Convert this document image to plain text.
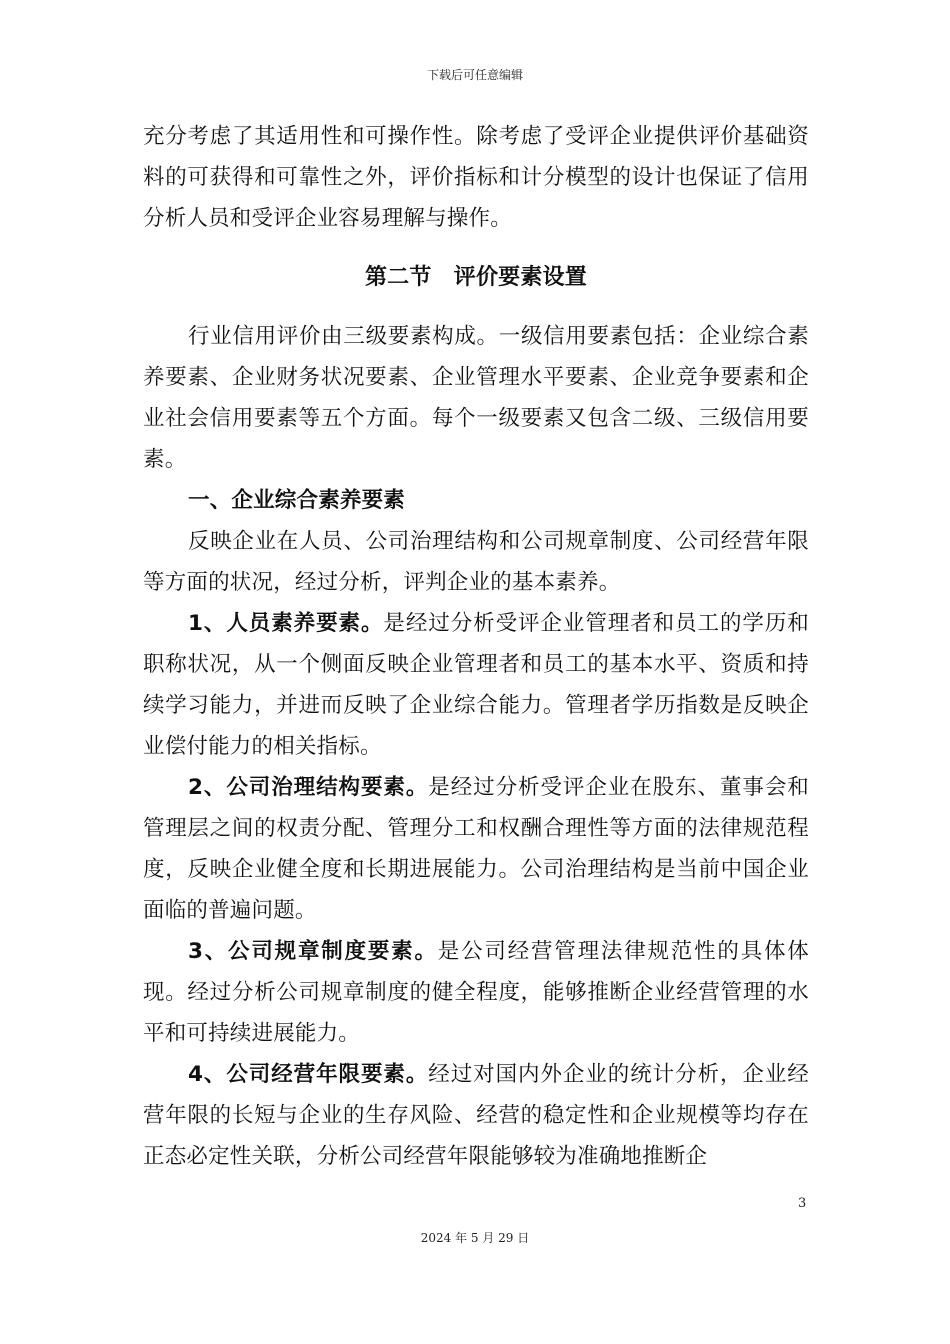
下载后可任意编辑

充分考虑了其适用性和可操作性。除考虑了受评企业提供评价基础资料的可获得和可靠性之外，评价指标和计分模型的设计也保证了信用分析人员和受评企业容易理解与操作。

第二节　评价要素设置

行业信用评价由三级要素构成。一级信用要素包括：企业综合素养要素、企业财务状况要素、企业管理水平要素、企业竞争要素和企业社会信用要素等五个方面。每个一级要素又包含二级、三级信用要素。

一、企业综合素养要素

反映企业在人员、公司治理结构和公司规章制度、公司经营年限等方面的状况，经过分析，评判企业的基本素养。

1、人员素养要素。是经过分析受评企业管理者和员工的学历和职称状况，从一个侧面反映企业管理者和员工的基本水平、资质和持续学习能力，并进而反映了企业综合能力。管理者学历指数是反映企业偿付能力的相关指标。

2、公司治理结构要素。是经过分析受评企业在股东、董事会和管理层之间的权责分配、管理分工和权酬合理性等方面的法律规范程度，反映企业健全度和长期进展能力。公司治理结构是当前中国企业面临的普遍问题。

3、公司规章制度要素。是公司经营管理法律规范性的具体体现。经过分析公司规章制度的健全程度，能够推断企业经营管理的水平和可持续进展能力。

4、公司经营年限要素。经过对国内外企业的统计分析，企业经营年限的长短与企业的生存风险、经营的稳定性和企业规模等均存在正态必定性关联，分析公司经营年限能够较为准确地推断企

3
2024 年 5 月 29 日
